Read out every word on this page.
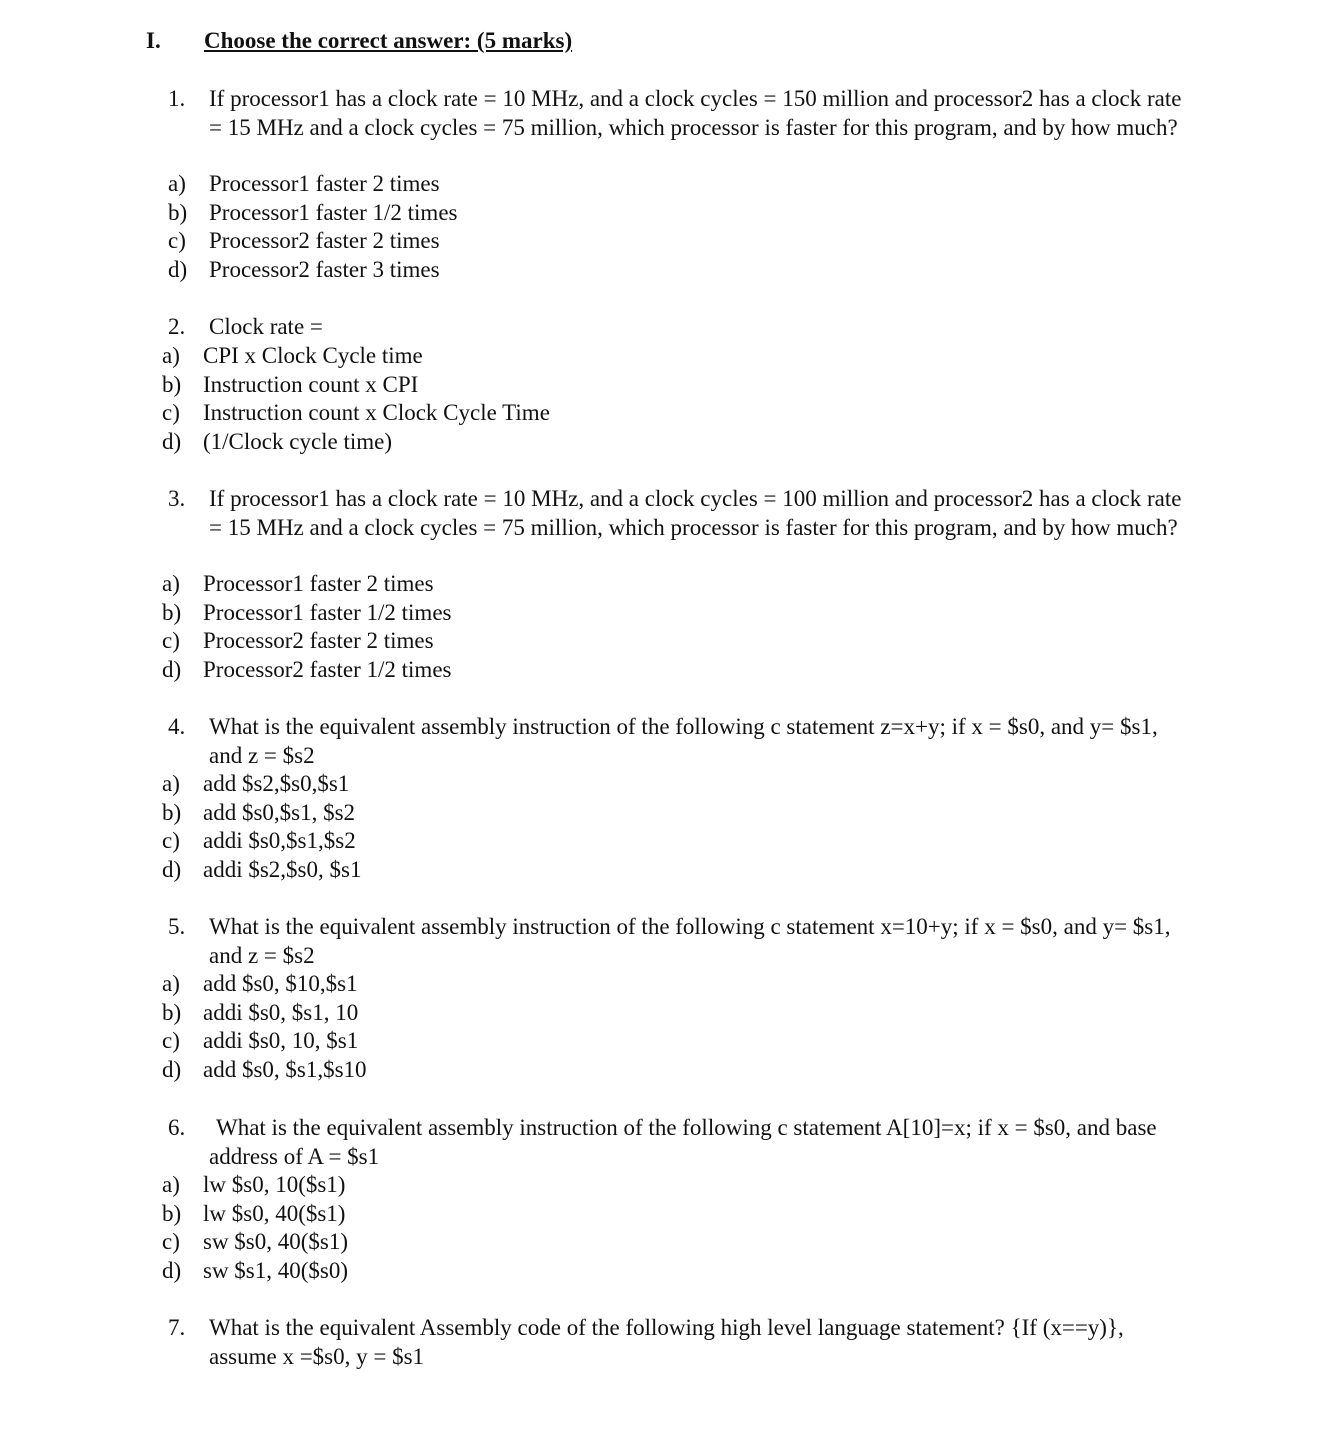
I. Choose the correct answer: (5 marks)
1. If processor1 has a clock rate = 10 MHz, and a clock cycles = 150 million and processor2 has a clock rate = 15 MHz and a clock cycles = 75 million, which processor is faster for this program, and by how much?
a) Processor1 faster 2 times
b) Processor1 faster 1/2 times
c) Processor2 faster 2 times
d) Processor2 faster 3 times
2. Clock rate =
a) CPI x Clock Cycle time
b) Instruction count x CPI
c) Instruction count x Clock Cycle Time
d) (1/Clock cycle time)
3. If processor1 has a clock rate = 10 MHz, and a clock cycles = 100 million and processor2 has a clock rate = 15 MHz and a clock cycles = 75 million, which processor is faster for this program, and by how much?
a) Processor1 faster 2 times
b) Processor1 faster 1/2 times
c) Processor2 faster 2 times
d) Processor2 faster 1/2 times
4. What is the equivalent assembly instruction of the following c statement z=x+y; if x = $s0, and y= $s1, and z = $s2
a) add $s2,$s0,$s1
b) add $s0,$s1, $s2
c) addi $s0,$s1,$s2
d) addi $s2,$s0, $s1
5. What is the equivalent assembly instruction of the following c statement x=10+y; if x = $s0, and y= $s1, and z = $s2
a) add $s0, $10,$s1
b) addi $s0, $s1, 10
c) addi $s0, 10, $s1
d) add $s0, $s1,$s10
6.	What is the equivalent assembly instruction of the following c statement A[10]=x; if x = $s0, and base address of A = $s1
a) lw $s0, 10($s1)
b) lw $s0, 40($s1)
c) sw $s0, 40($s1)
d) sw $s1, 40($s0)
7. What is the equivalent Assembly code of the following high level language statement? {If (x==y)}, assume x =$s0, y = $s1
